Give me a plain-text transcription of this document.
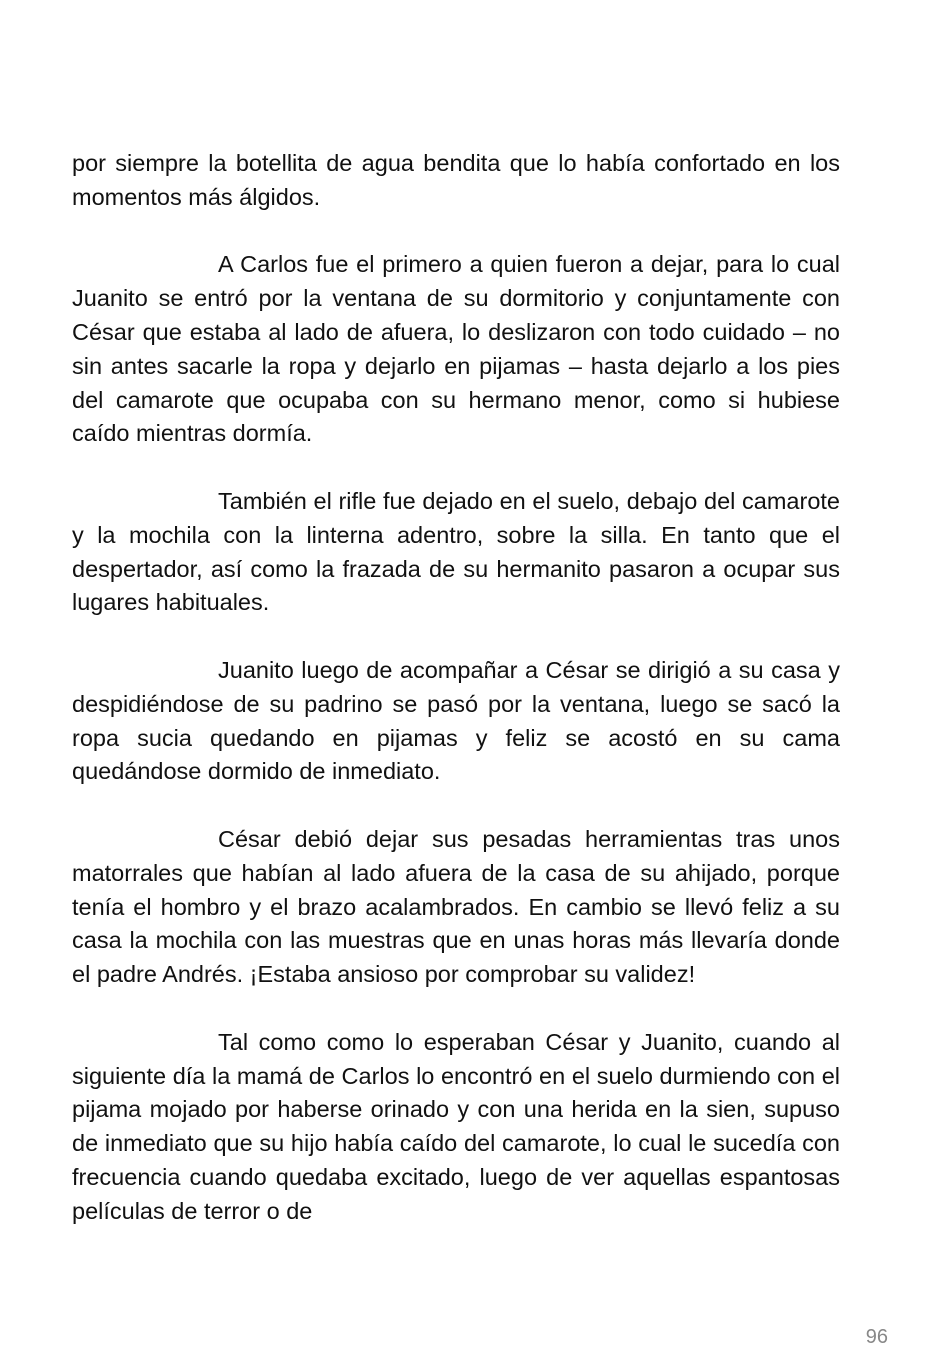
por siempre la botellita de agua bendita que lo había confortado en los momentos más álgidos.

A Carlos fue el primero a quien fueron a dejar, para lo cual Juanito se entró por la ventana de su dormitorio y conjuntamente con César que estaba al lado de afuera, lo deslizaron con todo cuidado – no sin antes sacarle la ropa y dejarlo en pijamas – hasta dejarlo a los pies del camarote que ocupaba con su hermano menor, como si hubiese caído mientras dormía.

También el rifle fue dejado en el suelo, debajo del camarote y la mochila con la linterna adentro, sobre la silla. En tanto que el despertador, así como la frazada de su hermanito pasaron a ocupar sus lugares habituales.

Juanito luego de acompañar a César se dirigió a su casa y despidiéndose de su padrino se pasó por la ventana, luego se sacó la ropa sucia quedando en pijamas y feliz se acostó en su cama quedándose dormido de inmediato.

César debió dejar sus pesadas herramientas tras unos matorrales que habían al lado afuera de la casa de su ahijado, porque tenía el hombro y el brazo acalambrados. En cambio se llevó feliz a su casa la mochila con las muestras que en unas horas más llevaría donde el padre Andrés. ¡Estaba ansioso por comprobar su validez!

Tal como como lo esperaban César y Juanito, cuando al siguiente día la mamá de Carlos lo encontró en el suelo durmiendo con el pijama mojado por haberse orinado y con una herida en la sien, supuso de inmediato que su hijo había caído del camarote, lo cual le sucedía con frecuencia cuando quedaba excitado, luego de ver aquellas espantosas películas de terror o de

96
